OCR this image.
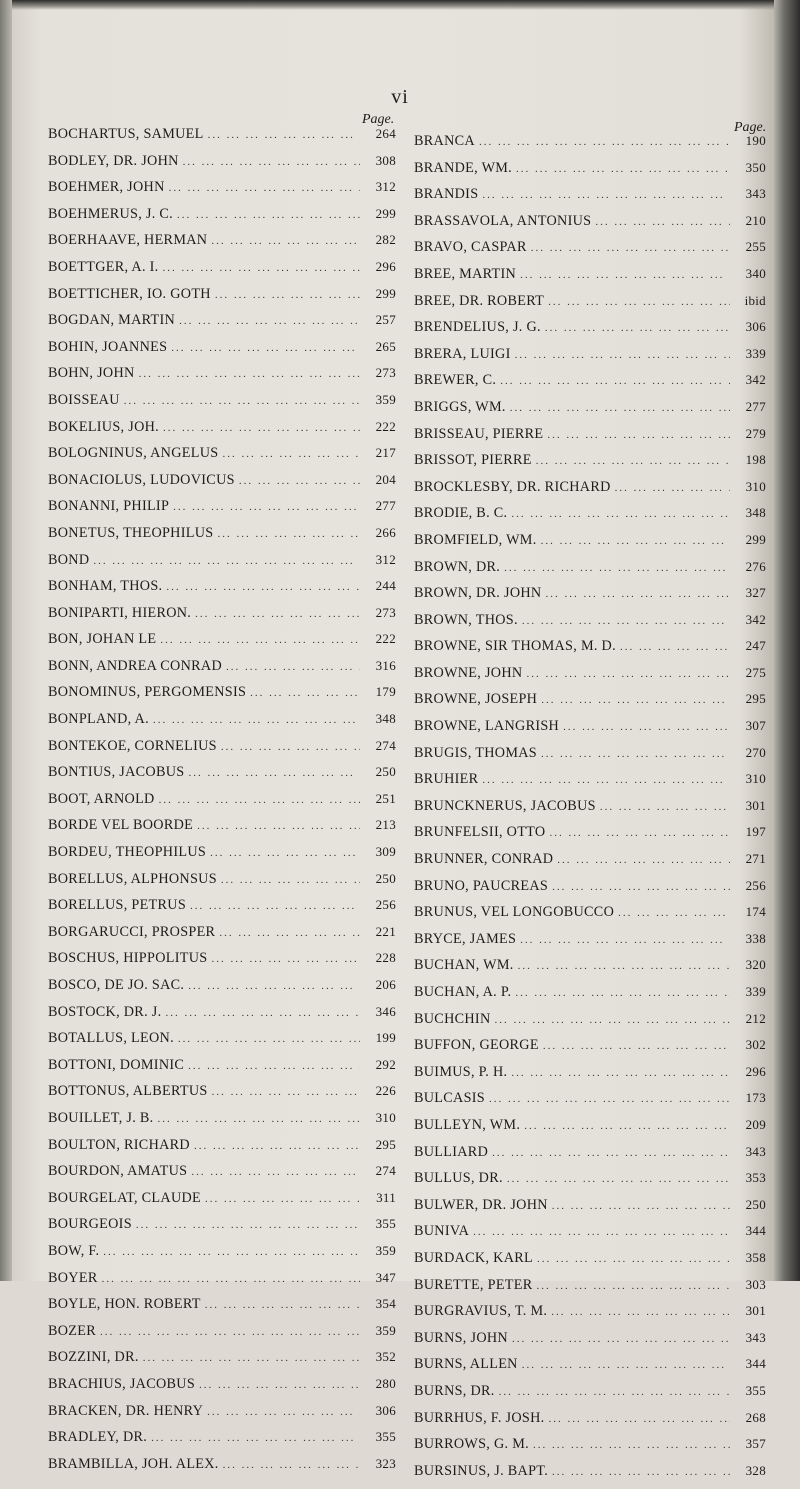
vi
Page.
BOCHARTUS, SAMUEL ... .	264
BODLEY, DR. JOHN ... .	308
BOEHMER, JOHN ... .	312
BOEHMERUS, J. C. ... .	299
BOERHAAVE, HERMAN ... .	282
BOETTGER, A. I. ... .	296
BOETTICHER, IO. GOTH ... .	299
BOGDAN, MARTIN ... .	257
BOHIN, JOANNES ... .	265
BOHN, JOHN ... .	273
BOISSEAU ... .	359
BOKELIUS, JOH. ... .	222
BOLOGNINUS, ANGELUS ... .	217
BONACIOLUS, LUDOVICUS ... .	204
BONANNI, PHILIP ... .	277
BONETUS, THEOPHILUS ... .	266
BOND ... .	312
BONHAM, THOS. ... .	244
BONIPARTI, HIERON. ... .	273
BON, JOHAN LE ... .	222
BONN, ANDREA CONRAD ... .	316
BONOMINUS, PERGOMENSIS ... .	179
BONPLAND, A. ... .	348
BONTEKOE, CORNELIUS ... .	274
BONTIUS, JACOBUS ... .	250
BOOT, ARNOLD ... .	251
BORDE VEL BOORDE ... .	213
BORDEU, THEOPHILUS ... .	309
BORELLUS, ALPHONSUS ... .	250
BORELLUS, PETRUS ... .	256
BORGARUCCI, PROSPER ... .	221
BOSCHUS, HIPPOLITUS ... .	228
BOSCO, DE JO. SAC. ... .	206
BOSTOCK, DR. J. ... .	346
BOTALLUS, LEON. ... .	199
BOTTONI, DOMINIC ... .	292
BOTTONUS, ALBERTUS ... .	226
BOUILLET, J. B. ... .	310
BOULTON, RICHARD ... .	295
BOURDON, AMATUS ... .	274
BOURGELAT, CLAUDE ... .	311
BOURGEOIS ... .	355
BOW, F. ... .	359
BOYER ... .	347
BOYLE, HON. ROBERT ... .	354
BOZER ... .	359
BOZZINI, DR. ... .	352
BRACHIUS, JACOBUS ... .	280
BRACKEN, DR. HENRY ... .	306
BRADLEY, DR. ... .	355
BRAMBILLA, JOH. ALEX. ... .	323
Page.
BRANCA ... .	190
BRANDE, WM. ... .	350
BRANDIS ... .	343
BRASSAVOLA, ANTONIUS ... .	210
BRAVO, CASPAR ... .	255
BREE, MARTIN ... .	340
BREE, DR. ROBERT ... .	ibid
BRENDELIUS, J. G. ... .	306
BRERA, LUIGI ... .	339
BREWER, C. ... .	342
BRIGGS, WM. ... .	277
BRISSEAU, PIERRE ... .	279
BRISSOT, PIERRE ... .	198
BROCKLESBY, DR. RICHARD ... .	310
BRODIE, B. C. ... .	348
BROMFIELD, WM. ... .	299
BROWN, DR. ... .	276
BROWN, DR. JOHN ... .	327
BROWN, THOS. ... .	342
BROWNE, SIR THOMAS, M. D. ... .	247
BROWNE, JOHN ... .	275
BROWNE, JOSEPH ... .	295
BROWNE, LANGRISH ... .	307
BRUGIS, THOMAS ... .	270
BRUHIER ... .	310
BRUNCKNERUS, JACOBUS ... .	301
BRUNFELSII, OTTO ... .	197
BRUNNER, CONRAD ... .	271
BRUNO, PAUCREAS ... .	256
BRUNUS, VEL LONGOBUCCO ... .	174
BRYCE, JAMES ... .	338
BUCHAN, WM. ... .	320
BUCHAN, A. P. ... .	339
BUCHCHIN ... .	212
BUFFON, GEORGE ... .	302
BUIMUS, P. H. ... .	296
BULCASIS ... .	173
BULLEYN, WM. ... .	209
BULLIARD ... .	343
BULLUS, DR. ... .	353
BULWER, DR. JOHN ... .	250
BUNIVA ... .	344
BURDACK, KARL ... .	358
BURETTE, PETER ... .	303
BURGRAVIUS, T. M. ... .	301
BURNS, JOHN ... .	343
BURNS, ALLEN ... .	344
BURNS, DR. ... .	355
BURRHUS, F. JOSH. ... .	268
BURROWS, G. M. ... .	357
BURSINUS, J. BAPT. ... .	328
